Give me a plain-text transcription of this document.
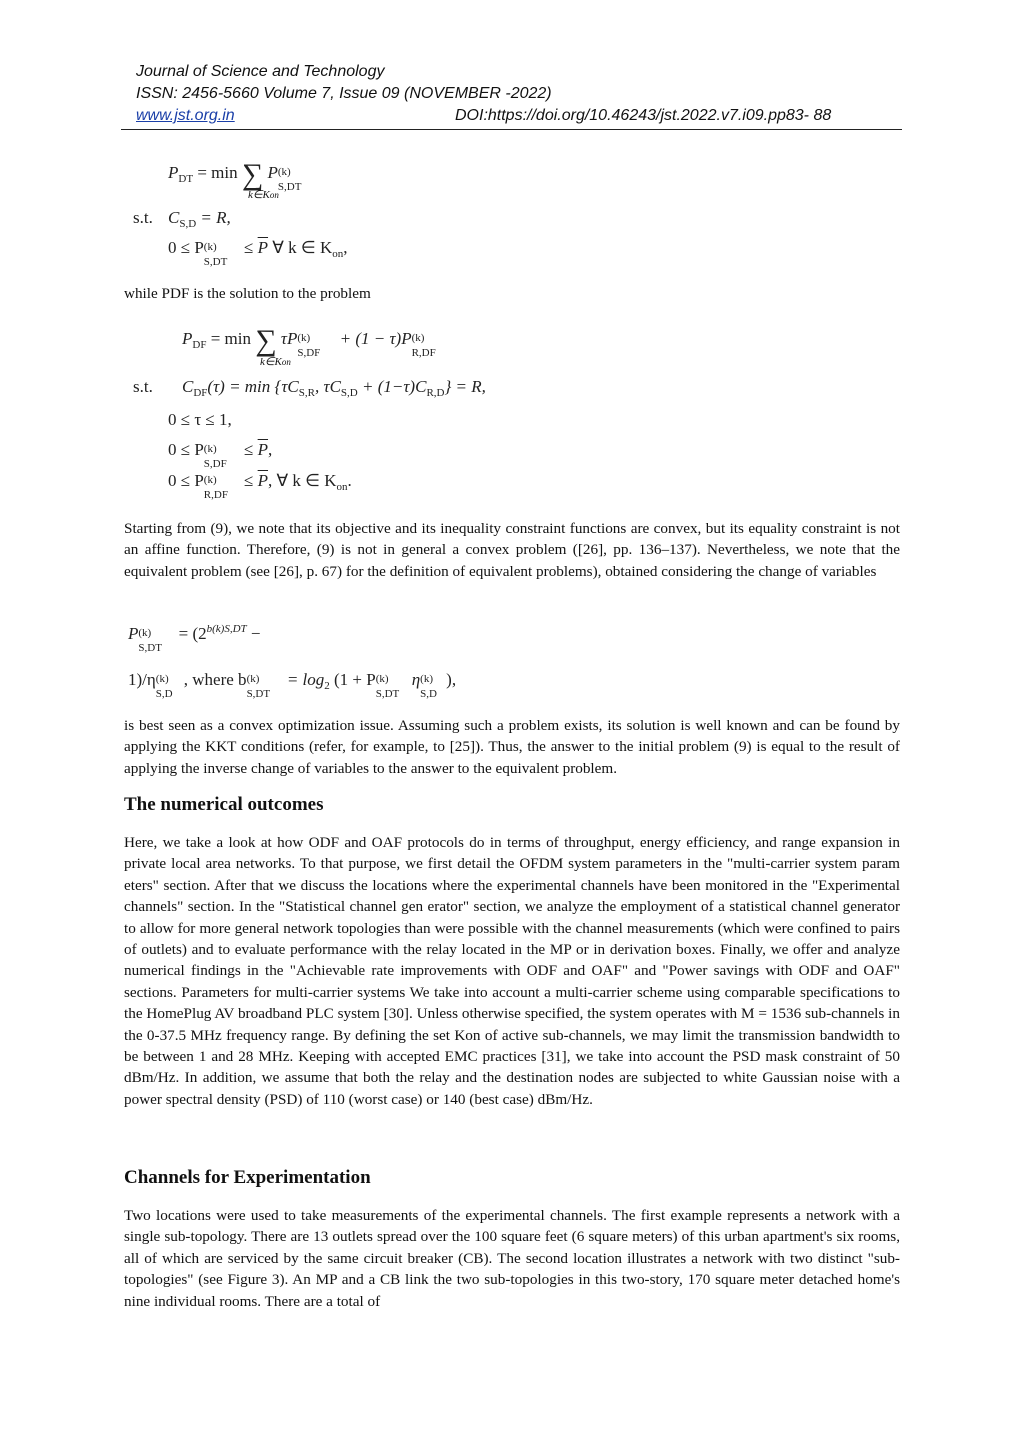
Journal of Science and Technology
ISSN: 2456-5660 Volume 7, Issue 09 (NOVEMBER -2022)
www.jst.org.in	DOI:https://doi.org/10.46243/jst.2022.v7.i09.pp83- 88
$P_{DT} = \min$ ∑ P (k)
S,DT
k∈Kon
s.t. $C_{S,D} = R$,
0 ≤ P (k)
S,DT
≤ $\overline{P}$ ∀ k ∈ $K_{on}$,

while PDF is the solution to the problem

$P_{DF} = \min$ ∑ τP (k)
S,DF
+ (1 − τ)P (k)
R,DF
k∈Kon
s.t. $C_{DF}(\tau) = \min \{\tau C_{S,R}$, $\tau C_{S,D} + (1-\tau)C_{R,D}\} = R$,
0 ≤ τ ≤ 1,
0 ≤ P (k)
S,DF
≤ $\overline{P}$,
0 ≤ P (k)
R,DF
≤ $\overline{P}$, ∀ k ∈ $K_{on}$.

Starting from (9), we note that its objective and its inequality constraint functions are convex, but its equality constraint is not an affine function. Therefore, (9) is not in general a convex problem ([26], pp. 136–137). Nevertheless, we note that the equivalent problem (see [26], p. 67) for the definition of equivalent problems), obtained considering the change of variables

P (k)
S,DT
= ($2^{b(k)S,DT}$ −
1)/η (k)
S,D
, where b (k)
S,DT
= $\log_2 (1 + P$ (k)
S,DT
η (k)
S,D
),

is best seen as a convex optimization issue. Assuming such a problem exists, its solution is well known and can be found by applying the KKT conditions (refer, for example, to [25]). Thus, the answer to the initial problem (9) is equal to the result of applying the inverse change of variables to the answer to the equivalent problem.

The numerical outcomes

Here, we take a look at how ODF and OAF protocols do in terms of throughput, energy efficiency, and range expansion in private local area networks. To that purpose, we first detail the OFDM system parameters in the "multi-carrier system param eters" section. After that we discuss the locations where the experimental channels have been monitored in the "Experimental channels" section. In the "Statistical channel gen erator" section, we analyze the employment of a statistical channel generator to allow for more general network topologies than were possible with the channel measurements (which were confined to pairs of outlets) and to evaluate performance with the relay located in the MP or in derivation boxes. Finally, we offer and analyze numerical findings in the "Achievable rate improvements with ODF and OAF" and "Power savings with ODF and OAF" sections. Parameters for multi-carrier systems We take into account a multi-carrier scheme using comparable specifications to the HomePlug AV broadband PLC system [30]. Unless otherwise specified, the system operates with M = 1536 sub-channels in the 0-37.5 MHz frequency range. By defining the set Kon of active sub-channels, we may limit the transmission bandwidth to be between 1 and 28 MHz. Keeping with accepted EMC practices [31], we take into account the PSD mask constraint of 50 dBm/Hz. In addition, we assume that both the relay and the destination nodes are subjected to white Gaussian noise with a power spectral density (PSD) of 110 (worst case) or 140 (best case) dBm/Hz.

Channels for Experimentation

Two locations were used to take measurements of the experimental channels. The first example represents a network with a single sub-topology. There are 13 outlets spread over the 100 square feet (6 square meters) of this urban apartment's six rooms, all of which are serviced by the same circuit breaker (CB). The second location illustrates a network with two distinct "sub-topologies" (see Figure 3). An MP and a CB link the two sub-topologies in this two-story, 170 square meter detached home's nine individual rooms. There are a total of
